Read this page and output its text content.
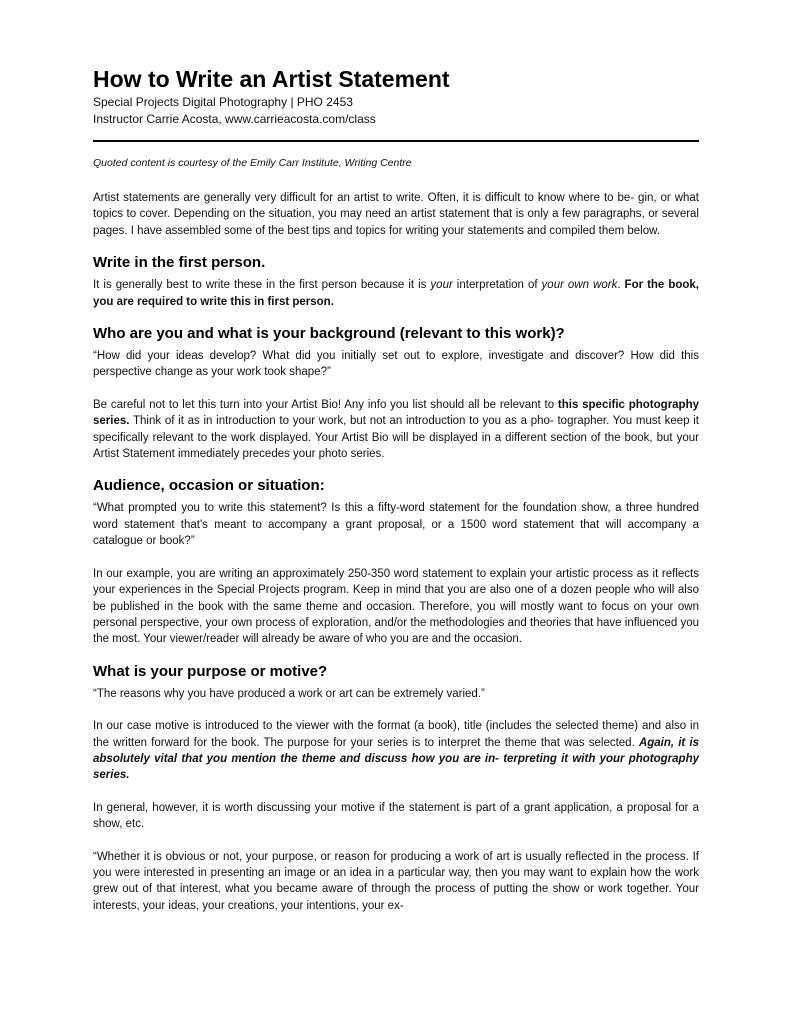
How to Write an Artist Statement

Special Projects Digital Photography | PHO 2453

Instructor Carrie Acosta, www.carrieacosta.com/class

Quoted content is courtesy of the Emily Carr Institute, Writing Centre

Artist statements are generally very difficult for an artist to write. Often, it is difficult to know where to be- gin, or what topics to cover. Depending on the situation, you may need an artist statement that is only a few paragraphs, or several pages. I have assembled some of the best tips and topics for writing your statements and compiled them below.

Write in the first person.

It is generally best to write these in the first person because it is your interpretation of your own work. For the book, you are required to write this in first person.

Who are you and what is your background (relevant to this work)?

“How did your ideas develop? What did you initially set out to explore, investigate and discover? How did this perspective change as your work took shape?”

Be careful not to let this turn into your Artist Bio! Any info you list should all be relevant to this specific photography series. Think of it as in introduction to your work, but not an introduction to you as a pho- tographer. You must keep it specifically relevant to the work displayed. Your Artist Bio will be displayed in a different section of the book, but your Artist Statement immediately precedes your photo series.

Audience, occasion or situation:

“What prompted you to write this statement? Is this a fifty-word statement for the foundation show, a three hundred word statement that's meant to accompany a grant proposal, or a 1500 word statement that will accompany a catalogue or book?”

In our example, you are writing an approximately 250-350 word statement to explain your artistic process as it reflects your experiences in the Special Projects program. Keep in mind that you are also one of a dozen people who will also be published in the book with the same theme and occasion. Therefore, you will mostly want to focus on your own personal perspective, your own process of exploration, and/or the methodologies and theories that have influenced you the most. Your viewer/reader will already be aware of who you are and the occasion.

What is your purpose or motive?

“The reasons why you have produced a work or art can be extremely varied.”

In our case motive is introduced to the viewer with the format (a book), title (includes the selected theme) and also in the written forward for the book. The purpose for your series is to interpret the theme that was selected. Again, it is absolutely vital that you mention the theme and discuss how you are in- terpreting it with your photography series.

In general, however, it is worth discussing your motive if the statement is part of a grant application, a proposal for a show, etc.

“Whether it is obvious or not, your purpose, or reason for producing a work of art is usually reflected in the process. If you were interested in presenting an image or an idea in a particular way, then you may want to explain how the work grew out of that interest, what you became aware of through the process of putting the show or work together. Your interests, your ideas, your creations, your intentions, your ex-
